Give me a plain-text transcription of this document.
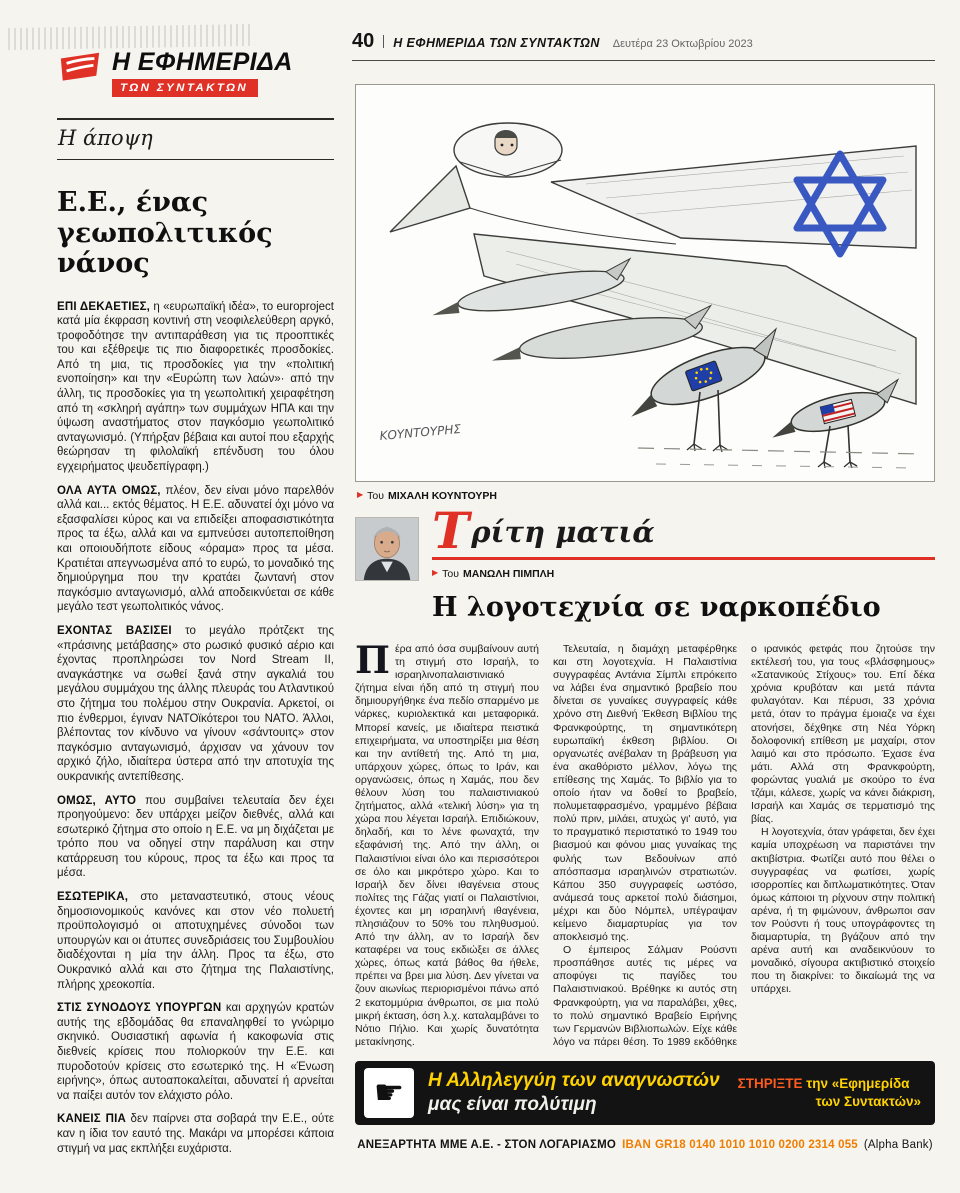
40 Η ΕΦΗΜΕΡΙΔΑ ΤΩΝ ΣΥΝΤΑΚΤΩΝ Δευτέρα 23 Οκτωβρίου 2023
Η ΕΦΗΜΕΡΙΔΑ
ΤΩΝ ΣΥΝΤΑΚΤΩΝ
Η άποψη
Ε.Ε., ένας γεωπολιτικός νάνος

ΕΠΙ ΔΕΚΑΕΤΙΕΣ, η «ευρωπαϊκή ιδέα», το europroject κατά μία έκφραση κοντινή στη νεοφιλελεύθερη αργκό, τροφοδότησε την αντιπαράθεση για τις προοπτικές του και εξέθρεψε τις πιο διαφορετικές προσδοκίες. Από τη μια, τις προσδοκίες για την «πολιτική ενοποίηση» και την «Ευρώπη των λαών»· από την άλλη, τις προσδοκίες για τη γεωπολιτική χειραφέτηση από τη «σκληρή αγάπη» των συμμάχων ΗΠΑ και την ύψωση αναστήματος στον παγκόσμιο γεωπολιτικό ανταγωνισμό. (Υπήρξαν βέβαια και αυτοί που εξαρχής θεώρησαν τη φιλολαϊκή επένδυση του όλου εγχειρήματος ψευδεπίγραφη.)

ΟΛΑ ΑΥΤΑ ΟΜΩΣ, πλέον, δεν είναι μόνο παρελθόν αλλά και... εκτός θέματος. Η Ε.Ε. αδυνατεί όχι μόνο να εξασφαλίσει κύρος και να επιδείξει αποφασιστικότητα προς τα έξω, αλλά και να εμπνεύσει αυτοπεποίθηση και οποιουδήποτε είδους «όραμα» προς τα μέσα. Κρατιέται απεγνωσμένα από το ευρώ, το μοναδικό της δημιούργημα που την κρατάει ζωντανή στον παγκόσμιο ανταγωνισμό, αλλά αποδεικνύεται σε κάθε μεγάλο τεστ γεωπολιτικός νάνος.

ΕΧΟΝΤΑΣ ΒΑΣΙΣΕΙ το μεγάλο πρότζεκτ της «πράσινης μετάβασης» στο ρωσικό φυσικό αέριο και έχοντας προπληρώσει τον Nord Stream II, αναγκάστηκε να σωθεί ξανά στην αγκαλιά του μεγάλου συμμάχου της άλλης πλευράς του Ατλαντικού στο ζήτημα του πολέμου στην Ουκρανία. Αρκετοί, οι πιο ένθερμοι, έγιναν ΝΑΤΟϊκότεροι του ΝΑΤΟ. Άλλοι, βλέποντας τον κίνδυνο να γίνουν «σάντουιτς» στον παγκόσμιο ανταγωνισμό, άρχισαν να χάνουν τον αρχικό ζήλο, ιδιαίτερα ύστερα από την αποτυχία της ουκρανικής αντεπίθεσης.

ΟΜΩΣ, ΑΥΤΟ που συμβαίνει τελευταία δεν έχει προηγούμενο: δεν υπάρχει μείζον διεθνές, αλλά και εσωτερικό ζήτημα στο οποίο η Ε.Ε. να μη διχάζεται με τρόπο που να οδηγεί στην παράλυση και στην κατάρρευση του κύρους, προς τα έξω και προς τα μέσα.

ΕΣΩΤΕΡΙΚΑ, στο μεταναστευτικό, στους νέους δημοσιονομικούς κανόνες και στον νέο πολυετή προϋπολογισμό οι αποτυχημένες σύνοδοι των υπουργών και οι άτυπες συνεδριάσεις του Συμβουλίου διαδέχονται η μία την άλλη. Προς τα έξω, στο Ουκρανικό αλλά και στο ζήτημα της Παλαιστίνης, πλήρης χρεοκοπία.

ΣΤΙΣ ΣΥΝΟΔΟΥΣ ΥΠΟΥΡΓΩΝ και αρχηγών κρατών αυτής της εβδομάδας θα επαναληφθεί το γνώριμο σκηνικό. Ουσιαστική αφωνία ή κακοφωνία στις διεθνείς κρίσεις που πολιορκούν την Ε.Ε. και πυροδοτούν κρίσεις στο εσωτερικό της. Η «Ένωση ειρήνης», όπως αυτοαποκαλείται, αδυνατεί ή αρνείται να παίξει αυτόν τον ελάχιστο ρόλο.

ΚΑΝΕΙΣ ΠΙΑ δεν παίρνει στα σοβαρά την Ε.Ε., ούτε καν η ίδια τον εαυτό της. Μακάρι να μπορέσει κάποια στιγμή να μας εκπλήξει ευχάριστα.

ΚΟΥΝΤΟΥΡΗΣ
▶ Του ΜΙΧΑΛΗ ΚΟΥΝΤΟΥΡΗ
Τρίτη ματιά
▶ Του ΜΑΝΩΛΗ ΠΙΜΠΛΗ
Η λογοτεχνία σε ναρκοπέδιο

Πέρα από όσα συμβαίνουν αυτή τη στιγμή στο Ισραήλ, το ισραηλινοπαλαιστινιακό ζήτημα είναι ήδη από τη στιγμή που δημιουργήθηκε ένα πεδίο σπαρμένο με νάρκες, κυριολεκτικά και μεταφορικά. Μπορεί κανείς, με ιδιαίτερα πειστικά επιχειρήματα, να υποστηρίξει μια θέση και την αντίθετή της. Από τη μια, υπάρχουν χώρες, όπως το Ιράν, και οργανώσεις, όπως η Χαμάς, που δεν θέλουν λύση του παλαιστινιακού ζητήματος, αλλά «τελική λύση» για τη χώρα που λέγεται Ισραήλ. Επιδιώκουν, δηλαδή, και το λένε φωναχτά, την εξαφάνισή της. Από την άλλη, οι Παλαιστίνιοι είναι όλο και περισσότεροι σε όλο και μικρότερο χώρο. Και το Ισραήλ δεν δίνει ιθαγένεια στους πολίτες της Γάζας γιατί οι Παλαιστίνιοι, έχοντες και μη ισραηλινή ιθαγένεια, πλησιάζουν το 50% του πληθυσμού. Από την άλλη, αν το Ισραήλ δεν καταφέρει να τους εκδιώξει σε άλλες χώρες, όπως κατά βάθος θα ήθελε, πρέπει να βρει μια λύση. Δεν γίνεται να ζουν αιωνίως περιορισμένοι πάνω από 2 εκατομμύρια άνθρωποι, σε μια πολύ μικρή έκταση, όση λ.χ. καταλαμβάνει το Νότιο Πήλιο. Και χωρίς δυνατότητα μετακίνησης.

Τελευταία, η διαμάχη μεταφέρθηκε και στη λογοτεχνία. Η Παλαιστίνια συγγραφέας Αντάνια Σίμπλι επρόκειτο να λάβει ένα σημαντικό βραβείο που δίνεται σε γυναίκες συγγραφείς κάθε χρόνο στη Διεθνή Έκθεση Βιβλίου της Φρανκφούρτης, τη σημαντικότερη ευρωπαϊκή έκθεση βιβλίου. Οι οργανωτές ανέβαλαν τη βράβευση για ένα ακαθόριστο μέλλον, λόγω της επίθεσης της Χαμάς. Το βιβλίο για το οποίο ήταν να δοθεί το βραβείο, πολυμεταφρασμένο, γραμμένο βέβαια πολύ πριν, μιλάει, ατυχώς γι' αυτό, για το πραγματικό περιστατικό το 1949 του βιασμού και φόνου μιας γυναίκας της φυλής των Βεδουίνων από απόσπασμα ισραηλινών στρατιωτών. Κάπου 350 συγγραφείς ωστόσο, ανάμεσά τους αρκετοί πολύ διάσημοι, μέχρι και δύο Νόμπελ, υπέγραψαν κείμενο διαμαρτυρίας για τον αποκλεισμό της.

Ο έμπειρος Σάλμαν Ρούσντι προσπάθησε αυτές τις μέρες να αποφύγει τις παγίδες του Παλαιστινιακού. Βρέθηκε κι αυτός στη Φρανκφούρτη, για να παραλάβει, χθες, το πολύ σημαντικό Βραβείο Ειρήνης των Γερμανών Βιβλιοπωλών. Είχε κάθε λόγο να πάρει θέση. Το 1989 εκδόθηκε ο ιρανικός φετφάς που ζητούσε την εκτέλεσή του, για τους «βλάσφημους» «Σατανικούς Στίχους» του. Επί δέκα χρόνια κρυβόταν και μετά πάντα φυλαγόταν. Και πέρυσι, 33 χρόνια μετά, όταν το πράγμα έμοιαζε να έχει ατονήσει, δέχθηκε στη Νέα Υόρκη δολοφονική επίθεση με μαχαίρι, στον λαιμό και στο πρόσωπο. Έχασε ένα μάτι. Αλλά στη Φρανκφούρτη, φορώντας γυαλιά με σκούρο το ένα τζάμι, κάλεσε, χωρίς να κάνει διάκριση, Ισραήλ και Χαμάς σε τερματισμό της βίας.

Η λογοτεχνία, όταν γράφεται, δεν έχει καμία υποχρέωση να παριστάνει την ακτιβίστρια. Φωτίζει αυτό που θέλει ο συγγραφέας να φωτίσει, χωρίς ισορροπίες και διπλωματικότητες. Όταν όμως κάποιοι τη ρίχνουν στην πολιτική αρένα, ή τη φιμώνουν, άνθρωποι σαν τον Ρούσντι ή τους υπογράφοντες τη διαμαρτυρία, τη βγάζουν από την αρένα αυτή και αναδεικνύουν το μοναδικό, σίγουρα ακτιβιστικό στοιχείο που τη διακρίνει: το δικαίωμά της να υπάρχει.

☛	Η Αλληλεγγύη των αναγνωστών
μας είναι πολύτιμη
ΣΤΗΡΙΞΤΕ την «Εφημερίδα
των Συντακτών»
ΑΝΕΞΑΡΤΗΤΑ ΜΜΕ Α.Ε. - ΣΤΟΝ ΛΟΓΑΡΙΑΣΜΟ IBAN GR18 0140 1010 1010 0200 2314 055 (Alpha Bank)
